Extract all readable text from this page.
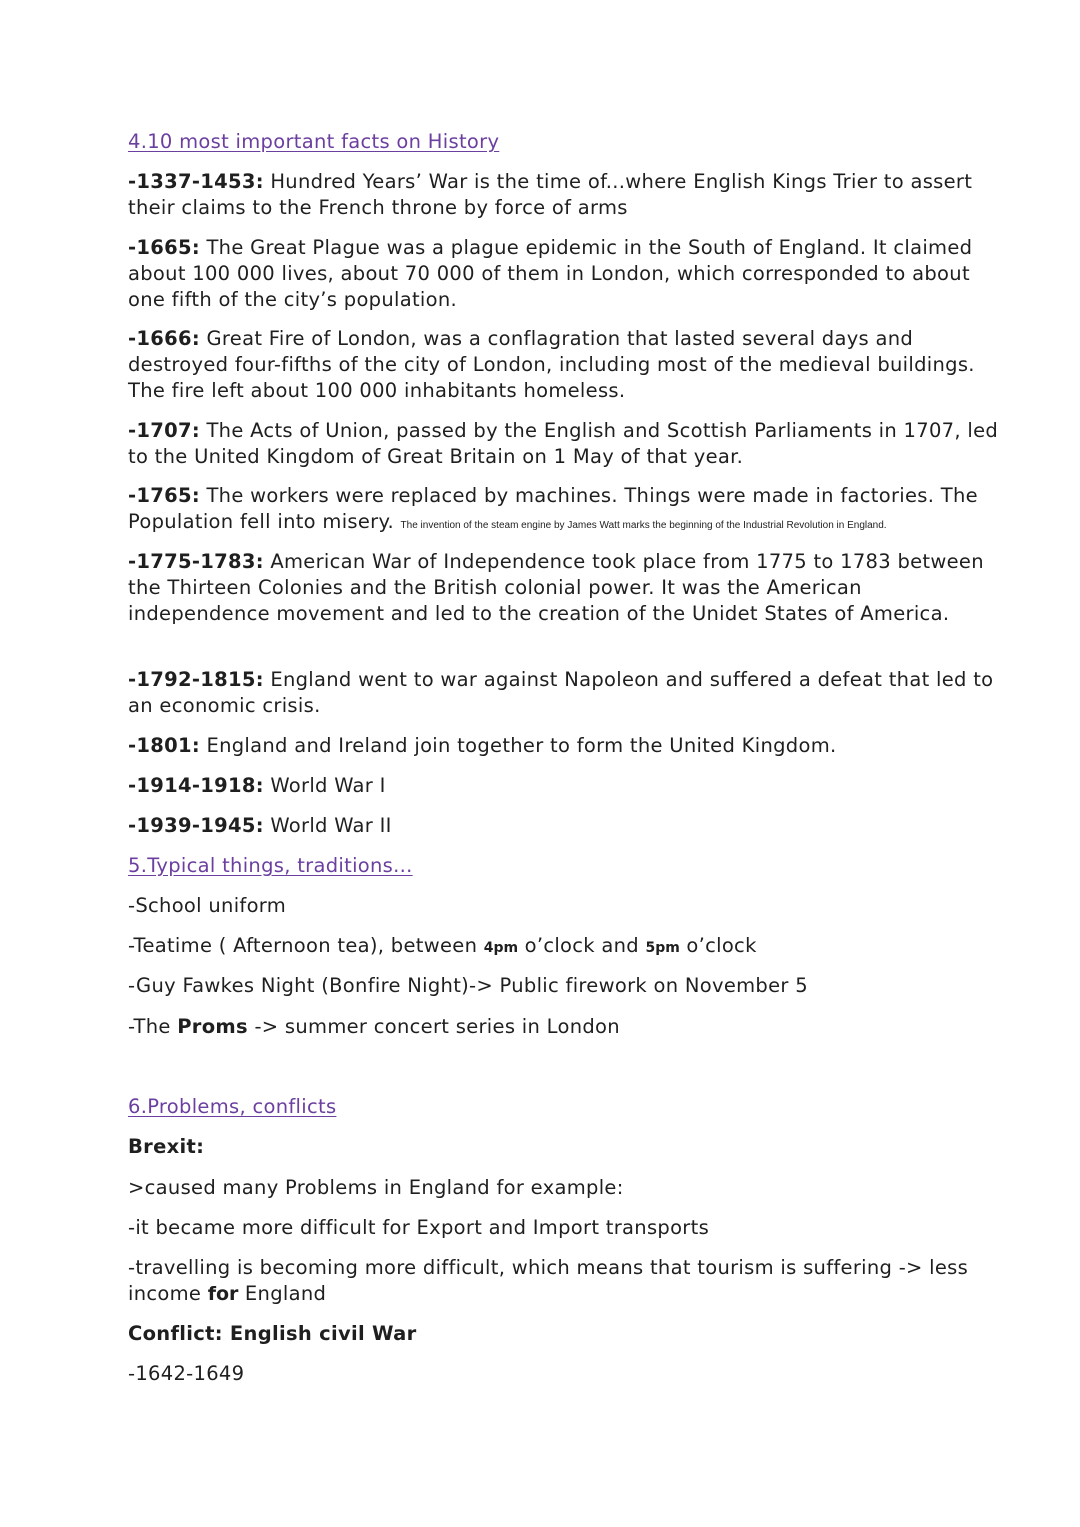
4.10 most important facts on History

-1337-1453: Hundred Years’ War is the time of...where English Kings Trier to assert their claims to the French throne by force of arms

-1665: The Great Plague was a plague epidemic in the South of England. It claimed about 100 000 lives, about 70 000 of them in London, which corresponded to about one fifth of the city’s population.

-1666: Great Fire of London, was a conflagration that lasted several days and destroyed four-fifths of the city of London, including most of the medieval buildings. The fire left about 100 000 inhabitants homeless.

-1707: The Acts of Union, passed by the English and Scottish Parliaments in 1707, led to the United Kingdom of Great Britain on 1 May of that year.

-1765: The workers were replaced by machines. Things were made in factories. The Population fell into misery. The invention of the steam engine by James Watt marks the beginning of the Industrial Revolution in England.

-1775-1783: American War of Independence took place from 1775 to 1783 between the Thirteen Colonies and the British colonial power. It was the American independence movement and led to the creation of the Unidet States of America.

-1792-1815: England went to war against Napoleon and suffered a defeat that led to an economic crisis.

-1801: England and Ireland join together to form the United Kingdom.

-1914-1918: World War I

-1939-1945: World War II

5.Typical things, traditions...

-School uniform

-Teatime ( Afternoon tea), between 4pm o’clock and 5pm o’clock

-Guy Fawkes Night (Bonfire Night)-> Public firework on November 5

-The Proms -> summer concert series in London

6.Problems, conflicts

Brexit:

>caused many Problems in England for example:

-it became more difficult for Export and Import transports

-travelling is becoming more difficult, which means that tourism is suffering -> less income for England

Conflict: English civil War

-1642-1649
